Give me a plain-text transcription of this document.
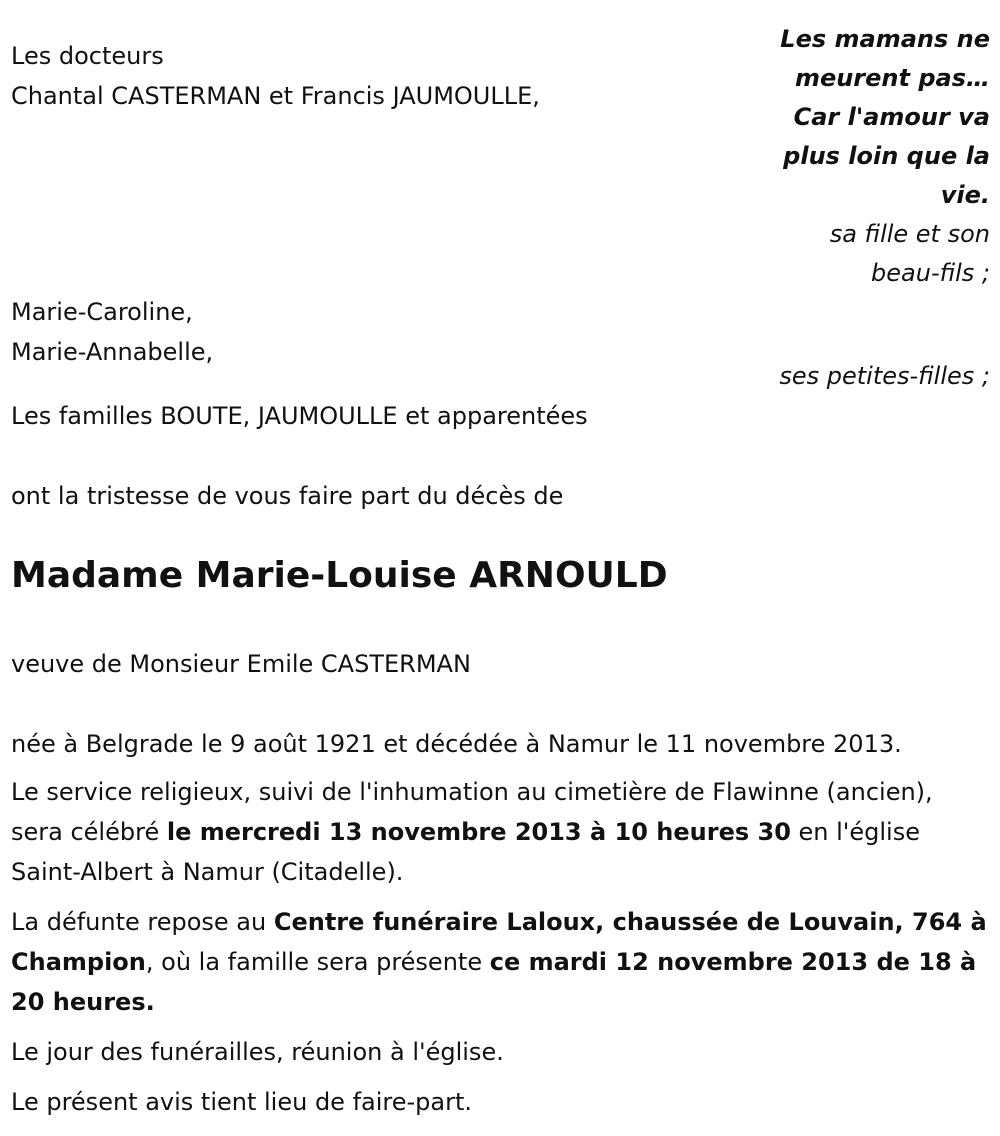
Les docteurs
Chantal CASTERMAN et Francis JAUMOULLE,
Les mamans ne
meurent pas…
Car l'amour va
plus loin que la
vie.
sa fille et son
beau-fils ;
Marie-Caroline,
Marie-Annabelle,
ses petites-filles ;
Les familles BOUTE, JAUMOULLE et apparentées
ont la tristesse de vous faire part du décès de
Madame Marie-Louise ARNOULD
veuve de Monsieur Emile CASTERMAN
née à Belgrade le 9 août 1921 et décédée à Namur le 11 novembre 2013.
Le service religieux, suivi de l'inhumation au cimetière de Flawinne (ancien), sera célébré le mercredi 13 novembre 2013 à 10 heures 30 en l'église Saint-Albert à Namur (Citadelle).
La défunte repose au Centre funéraire Laloux, chaussée de Louvain, 764 à Champion, où la famille sera présente ce mardi 12 novembre 2013 de 18 à 20 heures.
Le jour des funérailles, réunion à l'église.
Le présent avis tient lieu de faire-part.
